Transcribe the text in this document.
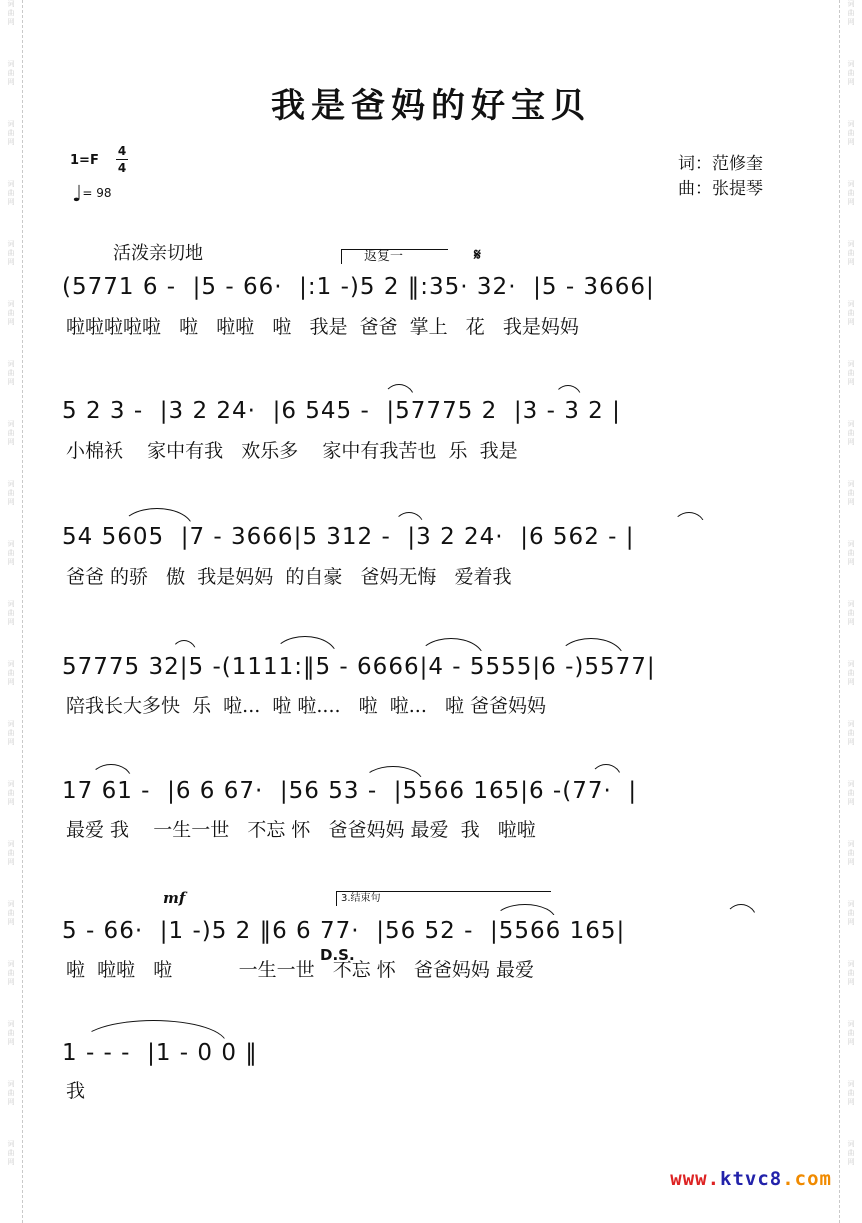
词
曲
网
词
曲
网
词
曲
网
词
曲
网
词
曲
网
词
曲
网
词
曲
网
词
曲
网
词
曲
网
词
曲
网
词
曲
网
词
曲
网
词
曲
网
词
曲
网
词
曲
网
词
曲
网
词
曲
网
词
曲
网
词
曲
网
词
曲
网
词
曲
网
词
曲
网
词
曲
网
词
曲
网
词
曲
网
词
曲
网
词
曲
网
词
曲
网
词
曲
网
词
曲
网
词
曲
网
词
曲
网
词
曲
网
词
曲
网
词
曲
网
词
曲
网
词
曲
网
词
曲
网
词
曲
网
词
曲
网
我是爸妈的好宝贝
1=F
4
4
♩= 98
词：范修奎
曲：张提琴
活泼亲切地	返复一	𝄋
mf	3.结束句
D.S.
(5771 6 -  |5 - 66·  |:1 -)5 2 ‖:35· 32·  |5 - 3666|
啦啦啦啦啦   啦   啦啦   啦   我是  爸爸  掌上   花   我是妈妈
5 2 3 -  |3 2 24·  |6 545 -  |57775 2  |3 - 3 2 |
小棉袄    家中有我   欢乐多    家中有我苦也  乐  我是
54 5605  |7 - 3666|5 312 -  |3 2 24·  |6 562 - |
爸爸 的骄   傲  我是妈妈  的自豪   爸妈无悔   爱着我
57775 32|5 -(1111:‖5 - 6666|4 - 5555|6 -)5577|
陪我长大多快  乐  啦...  啦 啦....   啦  啦...   啦 爸爸妈妈
17 61 -  |6 6 67·  |56 53 -  |5566 165|6 -(77·  |
最爱 我    一生一世   不忘 怀   爸爸妈妈 最爱  我   啦啦
5 - 66·  |1 -)5 2 ‖6 6 77·  |56 52 -  |5566 165|
啦  啦啦   啦           一生一世   不忘 怀   爸爸妈妈 最爱
1 - - -  |1 - 0 0 ‖
我
www.ktvc8.com
